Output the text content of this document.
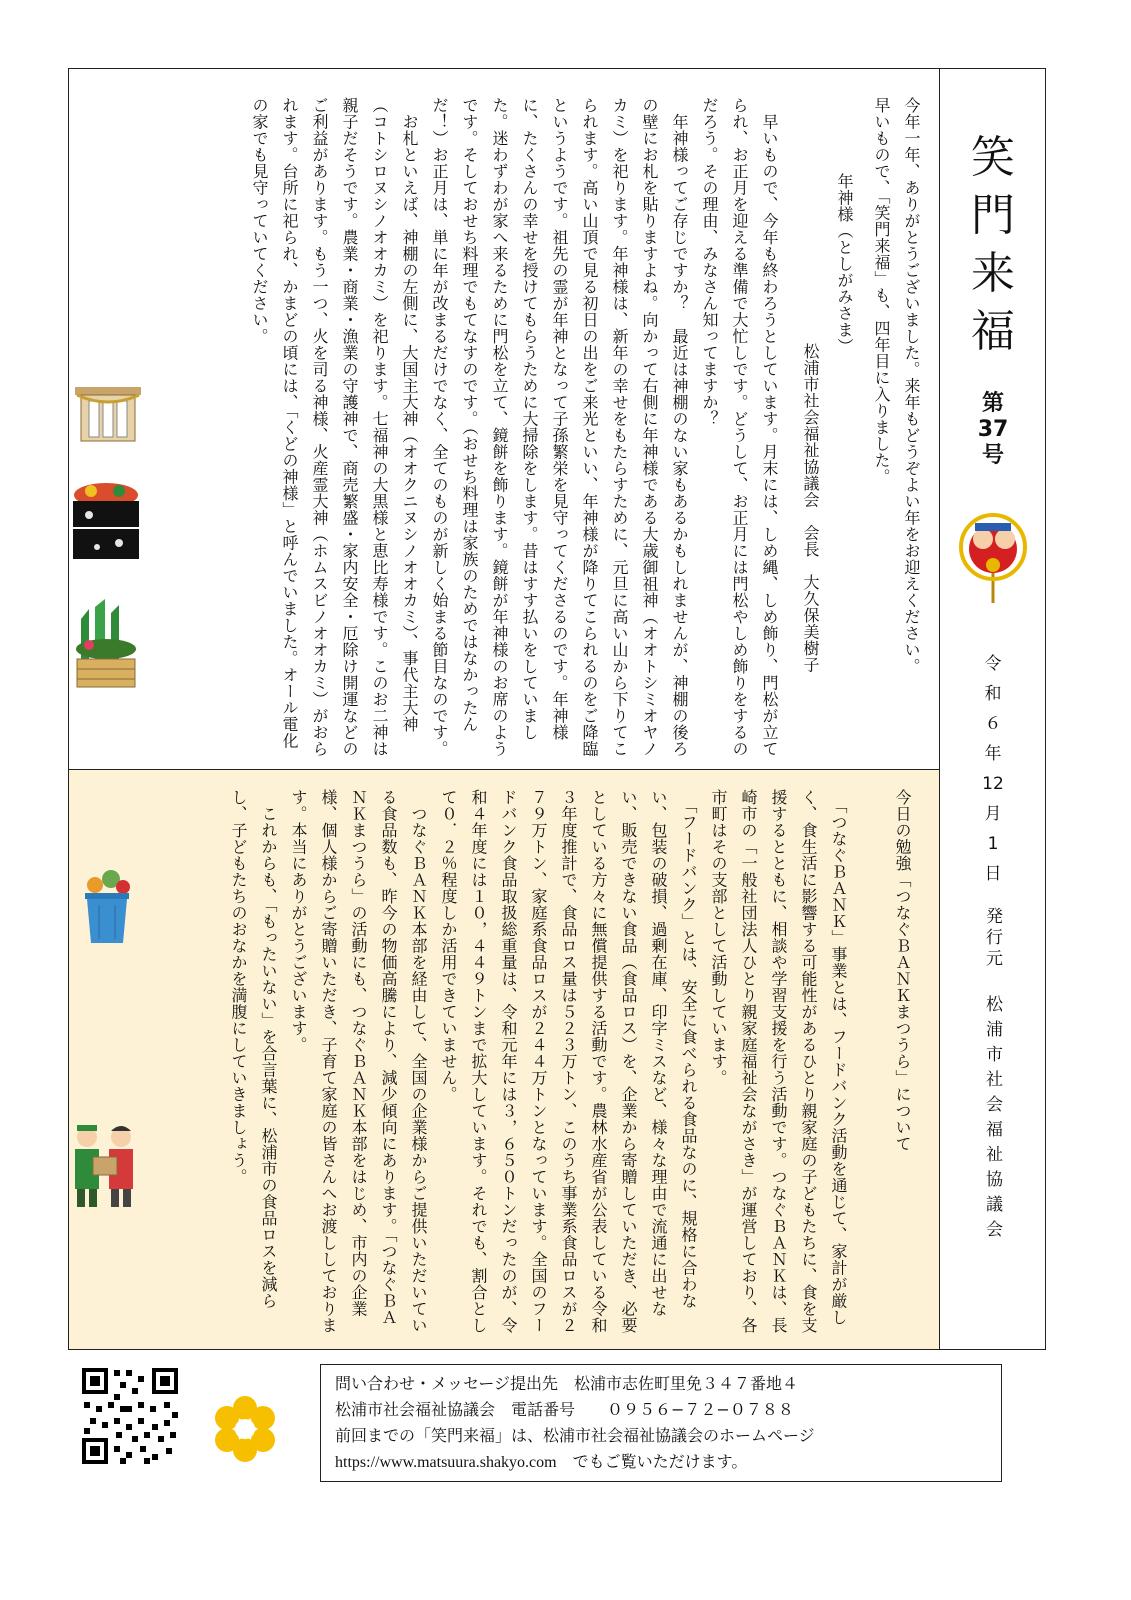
笑
門
来
福
第
37
号
令
和
６
年
12
月
1
日
発行元
松浦市社会福祉協議会
今年一年、ありがとうございました。来年もどうぞよい年をお迎えください。
早いもので、「笑門来福」も、四年目に入りました。
年神様（としがみさま）
松浦市社会福祉協議会　会長　大久保美樹子
　早いもので、今年も終わろうとしています。月末には、しめ縄、しめ飾り、門松が立てられ、お正月を迎える準備で大忙しです。どうして、お正月には門松やしめ飾りをするのだろう。その理由、みなさん知ってますか？
　年神様ってご存じですか？　最近は神棚のない家もあるかもしれませんが、神棚の後ろの壁にお札を貼りますよね。向かって右側に年神様である大歳御祖神（オオトシミオヤノカミ）を祀ります。年神様は、新年の幸せをもたらすために、元旦に高い山から下りてこられます。高い山頂で見る初日の出をご来光といい、年神様が降りてこられるのをご降臨というようです。祖先の霊が年神となって子孫繁栄を見守ってくださるのです。年神様に、たくさんの幸せを授けてもらうために大掃除をします。昔はすす払いをしていました。迷わずわが家へ来るために門松を立て、鏡餅を飾ります。鏡餅が年神様のお席のようです。そしておせち料理でもてなすのです。（おせち料理は家族のためではなかったんだ！）お正月は、単に年が改まるだけでなく、全てのものが新しく始まる節目なのです。
　お札といえば、神棚の左側に、大国主大神（オオクニヌシノオオカミ）、事代主大神（コトシロヌシノオオカミ）を祀ります。七福神の大黒様と恵比寿様です。このお二神は親子だそうです。農業・商業・漁業の守護神で、商売繁盛・家内安全・厄除け開運などのご利益があります。もう一つ、火を司る神様、火産霊大神（ホムスビノオオカミ）がおられます。台所に祀られ、かまどの頃には、「くどの神様」と呼んでいました。オール電化の家でも見守っていてください。
今日の勉強「つなぐＢＡＮＫまつうら」について
　「つなぐＢＡＮＫ」事業とは、フードバンク活動を通じて、家計が厳しく、食生活に影響する可能性があるひとり親家庭の子どもたちに、食を支援するとともに、相談や学習支援を行う活動です。つなぐＢＡＮＫは、長崎市の「一般社団法人ひとり親家庭福祉会ながさき」が運営しており、各市町はその支部として活動しています。
　「フードバンク」とは、安全に食べられる食品なのに、規格に合わない、包装の破損、過剰在庫、印字ミスなど、様々な理由で流通に出せない、販売できない食品（食品ロス）を、企業から寄贈していただき、必要としている方々に無償提供する活動です。農林水産省が公表している令和３年度推計で、食品ロス量は５２３万トン、このうち事業系食品ロスが２７９万トン、家庭系食品ロスが２４４万トンとなっています。全国のフードバンク食品取扱総重量は、令和元年には３，６５０トンだったのが、令和４年度には１０，４４９トンまで拡大しています。それでも、割合として０．２％程度しか活用できていません。
　つなぐＢＡＮＫ本部を経由して、全国の企業様からご提供いただいている食品数も、昨今の物価高騰により、減少傾向にあります。「つなぐＢＡＮＫまつうら」の活動にも、つなぐＢＡＮＫ本部をはじめ、市内の企業様、個人様からご寄贈いただき、子育て家庭の皆さんへお渡ししております。本当にありがとうございます。
　これからも、「もったいない」を合言葉に、松浦市の食品ロスを減らし、子どもたちのおなかを満腹にしていきましょう。
問い合わせ・メッセージ提出先　松浦市志佐町里免３４７番地４
松浦市社会福祉協議会　電話番号　　０９５６−７２−０７８８
前回までの「笑門来福」は、松浦市社会福祉協議会のホームページ
https://www.matsuura.shakyo.com　でもご覧いただけます。
